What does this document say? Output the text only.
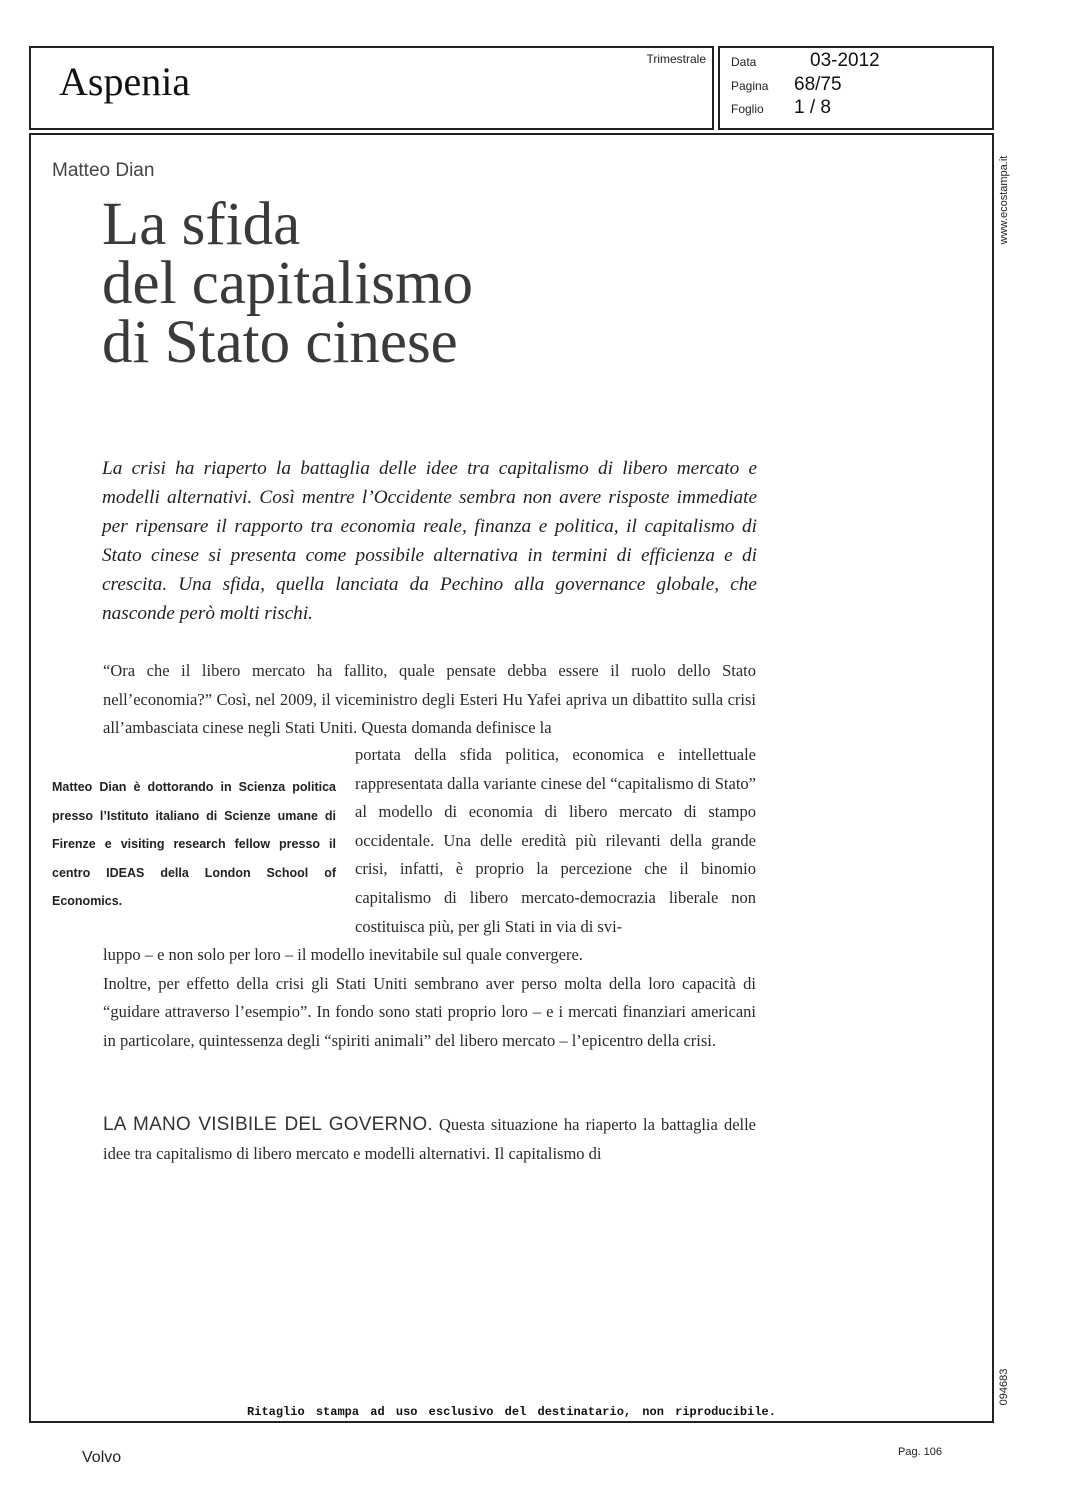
Aspenia	Trimestrale Data	03-2012
Pagina 68/75
Foglio 1 / 8
www.ecostampa.it
094683
Matteo Dian
La sfida
del capitalismo
di Stato cinese

La crisi ha riaperto la battaglia delle idee tra capitalismo di libero mercato e modelli alternativi. Così mentre l’Occidente sembra non avere risposte immediate per ripensare il rapporto tra economia reale, finanza e politica, il capitalismo di Stato cinese si presenta come possibile alternativa in termini di efficienza e di crescita. Una sfida, quella lanciata da Pechino alla governance globale, che nasconde però molti rischi.

“Ora che il libero mercato ha fallito, quale pensate debba essere il ruolo dello Stato nell’economia?” Così, nel 2009, il viceministro degli Esteri Hu Yafei apriva un dibattito sulla crisi all’ambasciata cinese negli Stati Uniti. Questa domanda definisce la

Matteo Dian è dottorando in Scienza politica presso l’Istituto italiano di Scienze umane di Firenze e visiting research fellow presso il centro IDEAS della London School of Economics.

portata della sfida politica, economica e intellettuale rappresentata dalla variante cinese del “capitalismo di Stato” al modello di economia di libero mercato di stampo occidentale. Una delle eredità più rilevanti della grande crisi, infatti, è proprio la percezione che il binomio capitalismo di libero mercato-democrazia liberale non costituisca più, per gli Stati in via di svi-

luppo – e non solo per loro – il modello inevitabile sul quale convergere.
Inoltre, per effetto della crisi gli Stati Uniti sembrano aver perso molta della loro capacità di “guidare attraverso l’esempio”. In fondo sono stati proprio loro – e i mercati finanziari americani in particolare, quintessenza degli “spiriti animali” del libero mercato – l’epicentro della crisi.

LA MANO VISIBILE DEL GOVERNO. Questa situazione ha riaperto la battaglia delle idee tra capitalismo di libero mercato e modelli alternativi. Il capitalismo di

Ritaglio stampa ad uso esclusivo del destinatario, non riproducibile.
Volvo	Pag. 106
